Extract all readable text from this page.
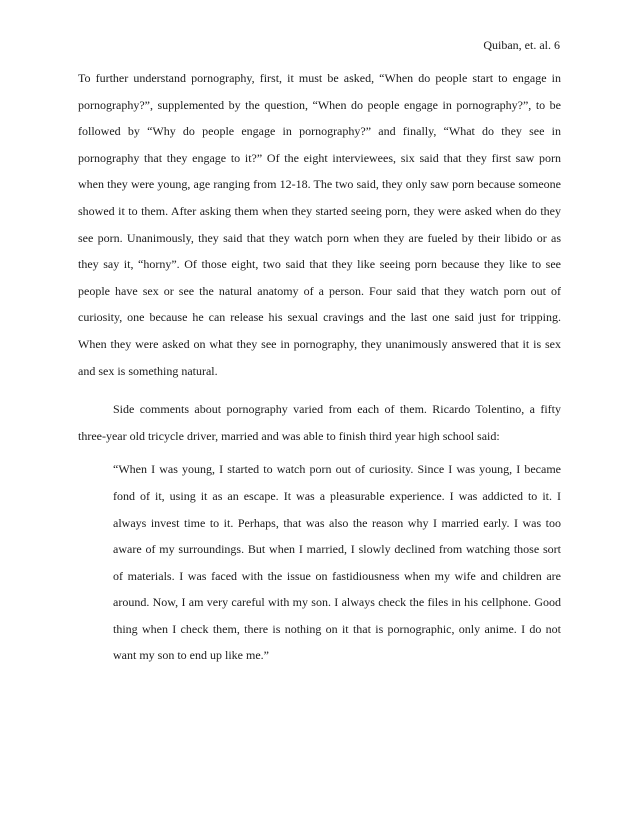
Quiban, et. al. 6

To further understand pornography, first, it must be asked, “When do people start to engage in pornography?”, supplemented by the question, “When do people engage in pornography?”, to be followed by “Why do people engage in pornography?” and finally, “What do they see in pornography that they engage to it?” Of the eight interviewees, six said that they first saw porn when they were young, age ranging from 12-18. The two said, they only saw porn because someone showed it to them. After asking them when they started seeing porn, they were asked when do they see porn. Unanimously, they said that they watch porn when they are fueled by their libido or as they say it, “horny”. Of those eight, two said that they like seeing porn because they like to see people have sex or see the natural anatomy of a person. Four said that they watch porn out of curiosity, one because he can release his sexual cravings and the last one said just for tripping. When they were asked on what they see in pornography, they unanimously answered that it is sex and sex is something natural.

Side comments about pornography varied from each of them. Ricardo Tolentino, a fifty three-year old tricycle driver, married and was able to finish third year high school said:

“When I was young, I started to watch porn out of curiosity. Since I was young, I became fond of it, using it as an escape. It was a pleasurable experience. I was addicted to it. I always invest time to it. Perhaps, that was also the reason why I married early. I was too aware of my surroundings. But when I married, I slowly declined from watching those sort of materials. I was faced with the issue on fastidiousness when my wife and children are around. Now, I am very careful with my son. I always check the files in his cellphone. Good thing when I check them, there is nothing on it that is pornographic, only anime. I do not want my son to end up like me.”
